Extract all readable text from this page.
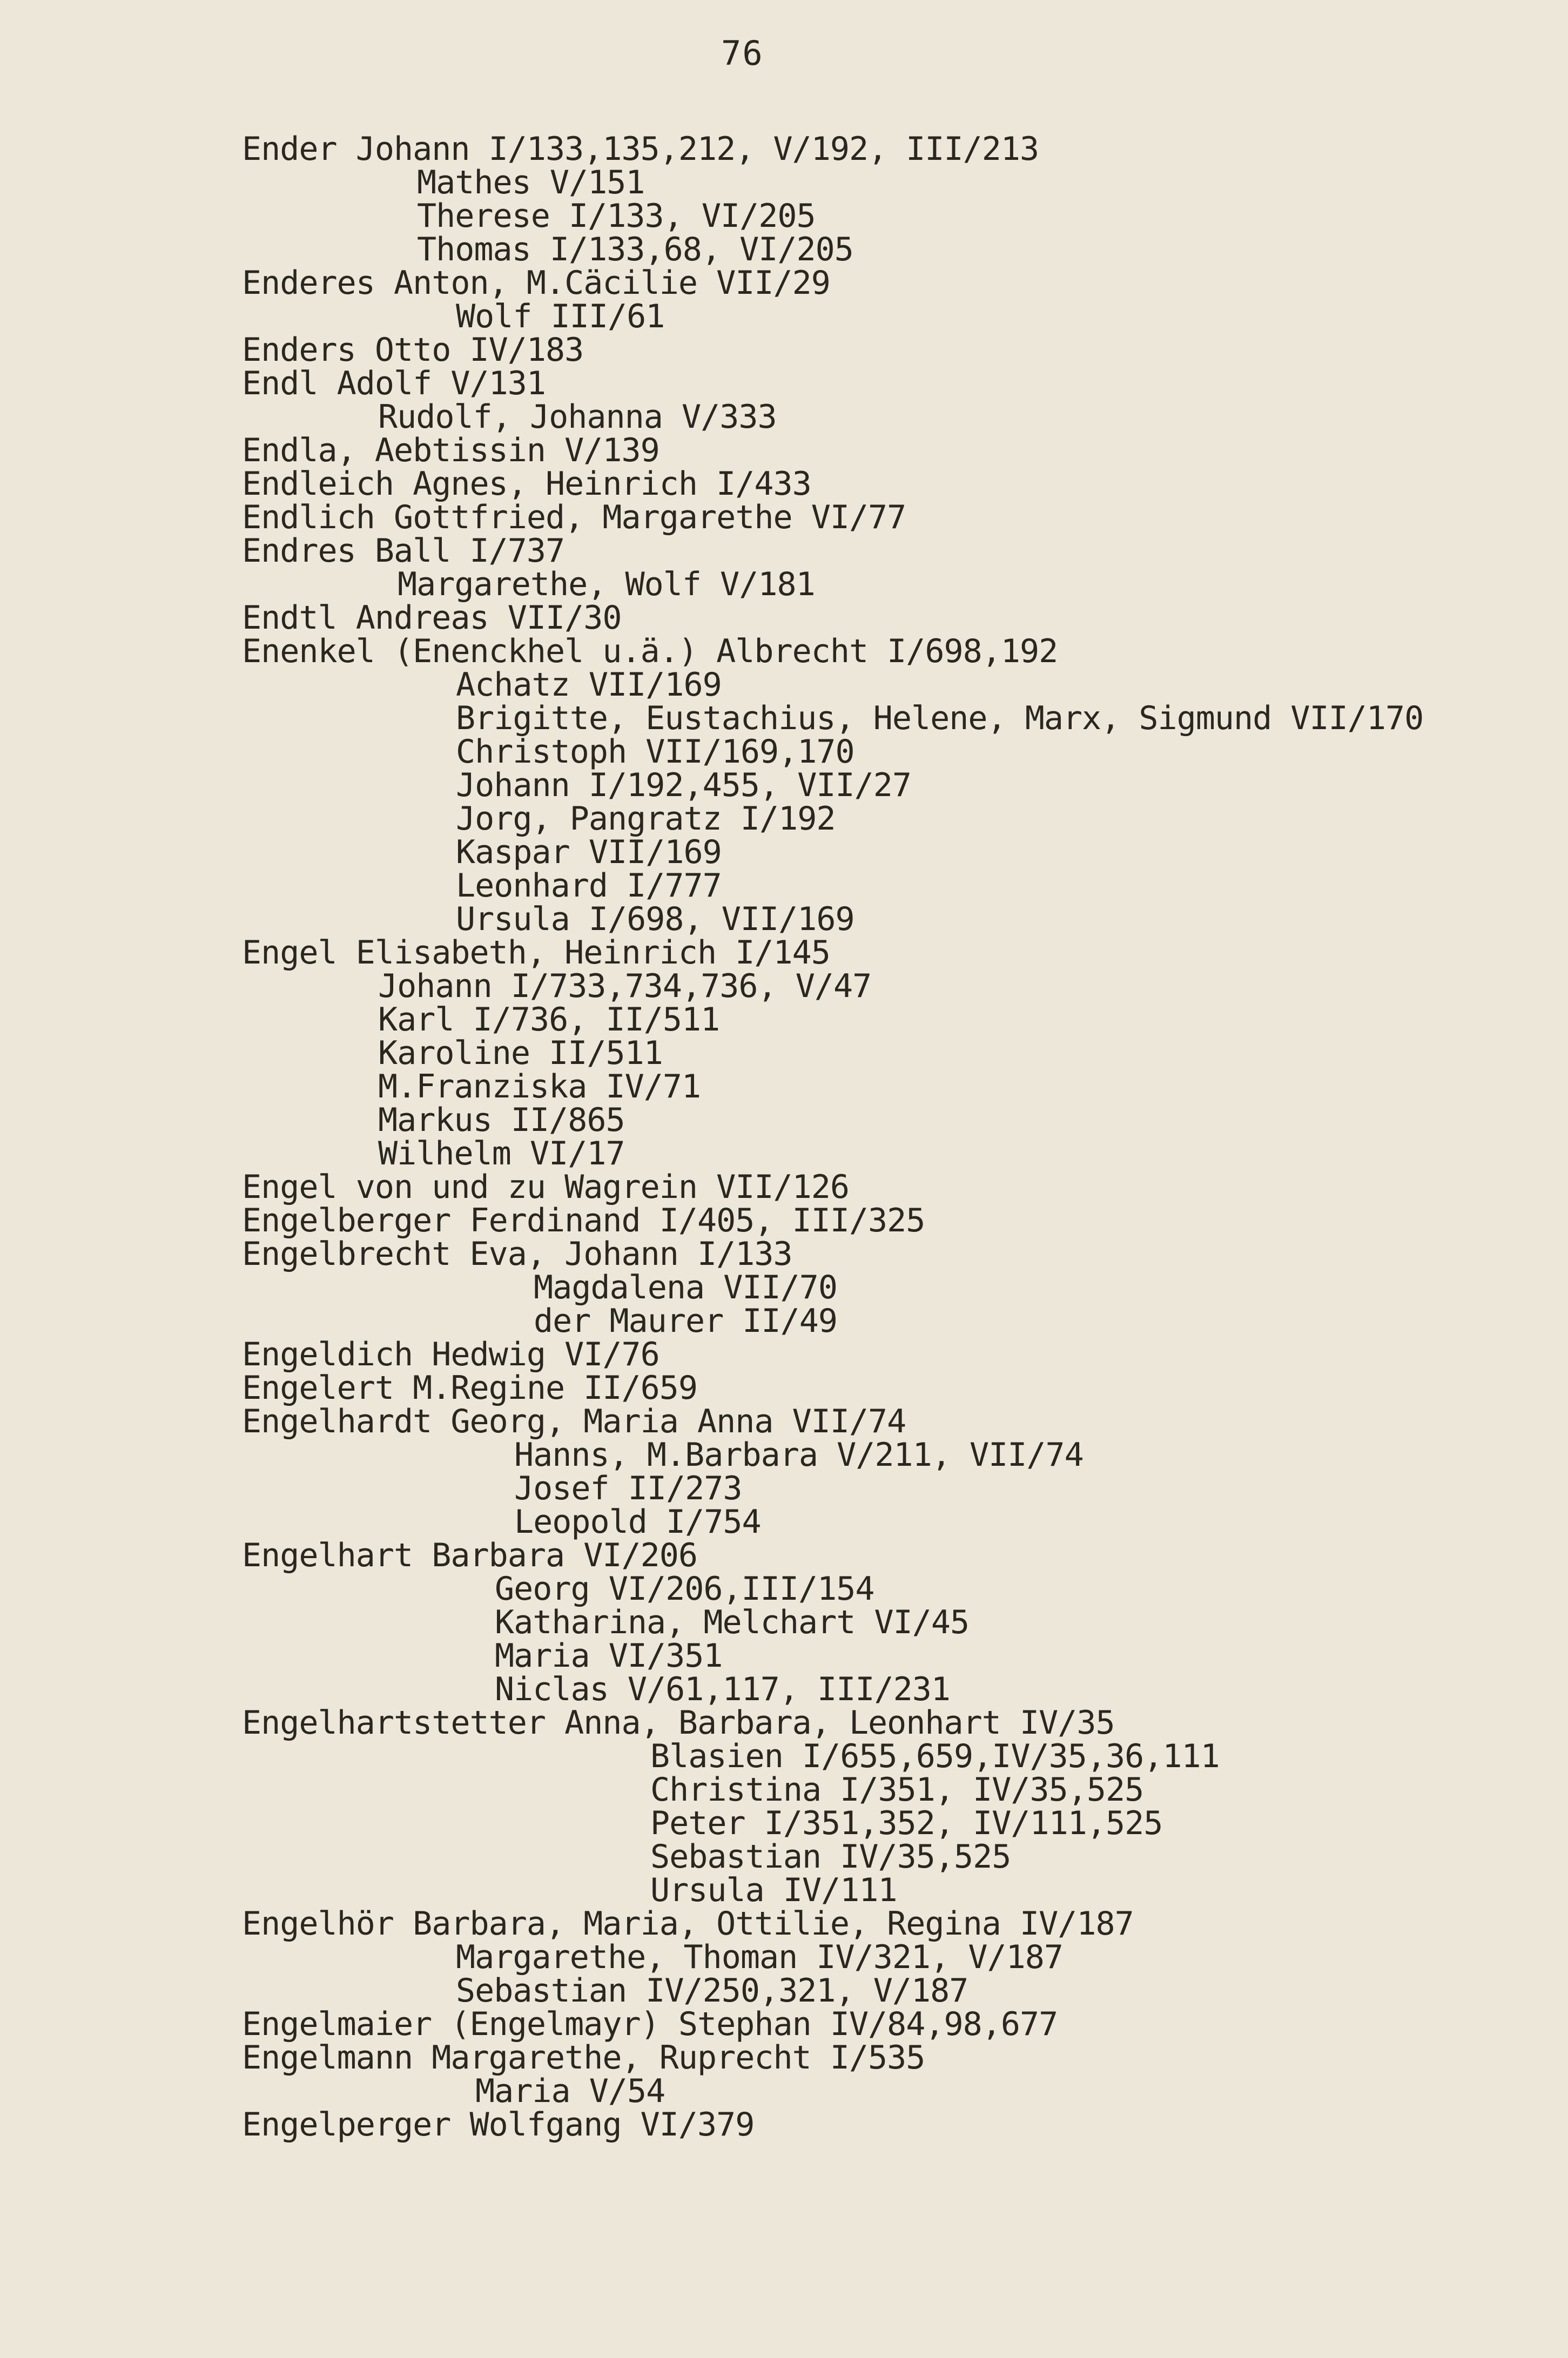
76
Ender Johann I/133,135,212, V/192, III/213
Mathes V/151
Therese I/133, VI/205
Thomas I/133,68, VI/205
Enderes Anton, M.Cäcilie VII/29
Wolf III/61
Enders Otto IV/183
Endl Adolf V/131
Rudolf, Johanna V/333
Endla, Aebtissin V/139
Endleich Agnes, Heinrich I/433
Endlich Gottfried, Margarethe VI/77
Endres Ball I/737
Margarethe, Wolf V/181
Endtl Andreas VII/30
Enenkel (Enenckhel u.ä.) Albrecht I/698,192
Achatz VII/169
Brigitte, Eustachius, Helene, Marx, Sigmund VII/170
Christoph VII/169,170
Johann I/192,455, VII/27
Jorg, Pangratz I/192
Kaspar VII/169
Leonhard I/777
Ursula I/698, VII/169
Engel Elisabeth, Heinrich I/145
Johann I/733,734,736, V/47
Karl I/736, II/511
Karoline II/511
M.Franziska IV/71
Markus II/865
Wilhelm VI/17
Engel von und zu Wagrein VII/126
Engelberger Ferdinand I/405, III/325
Engelbrecht Eva, Johann I/133
Magdalena VII/70
der Maurer II/49
Engeldich Hedwig VI/76
Engelert M.Regine II/659
Engelhardt Georg, Maria Anna VII/74
Hanns, M.Barbara V/211, VII/74
Josef II/273
Leopold I/754
Engelhart Barbara VI/206
Georg VI/206,III/154
Katharina, Melchart VI/45
Maria VI/351
Niclas V/61,117, III/231
Engelhartstetter Anna, Barbara, Leonhart IV/35
Blasien I/655,659,IV/35,36,111
Christina I/351, IV/35,525
Peter I/351,352, IV/111,525
Sebastian IV/35,525
Ursula IV/111
Engelhör Barbara, Maria, Ottilie, Regina IV/187
Margarethe, Thoman IV/321, V/187
Sebastian IV/250,321, V/187
Engelmaier (Engelmayr) Stephan IV/84,98,677
Engelmann Margarethe, Ruprecht I/535
Maria V/54
Engelperger Wolfgang VI/379
